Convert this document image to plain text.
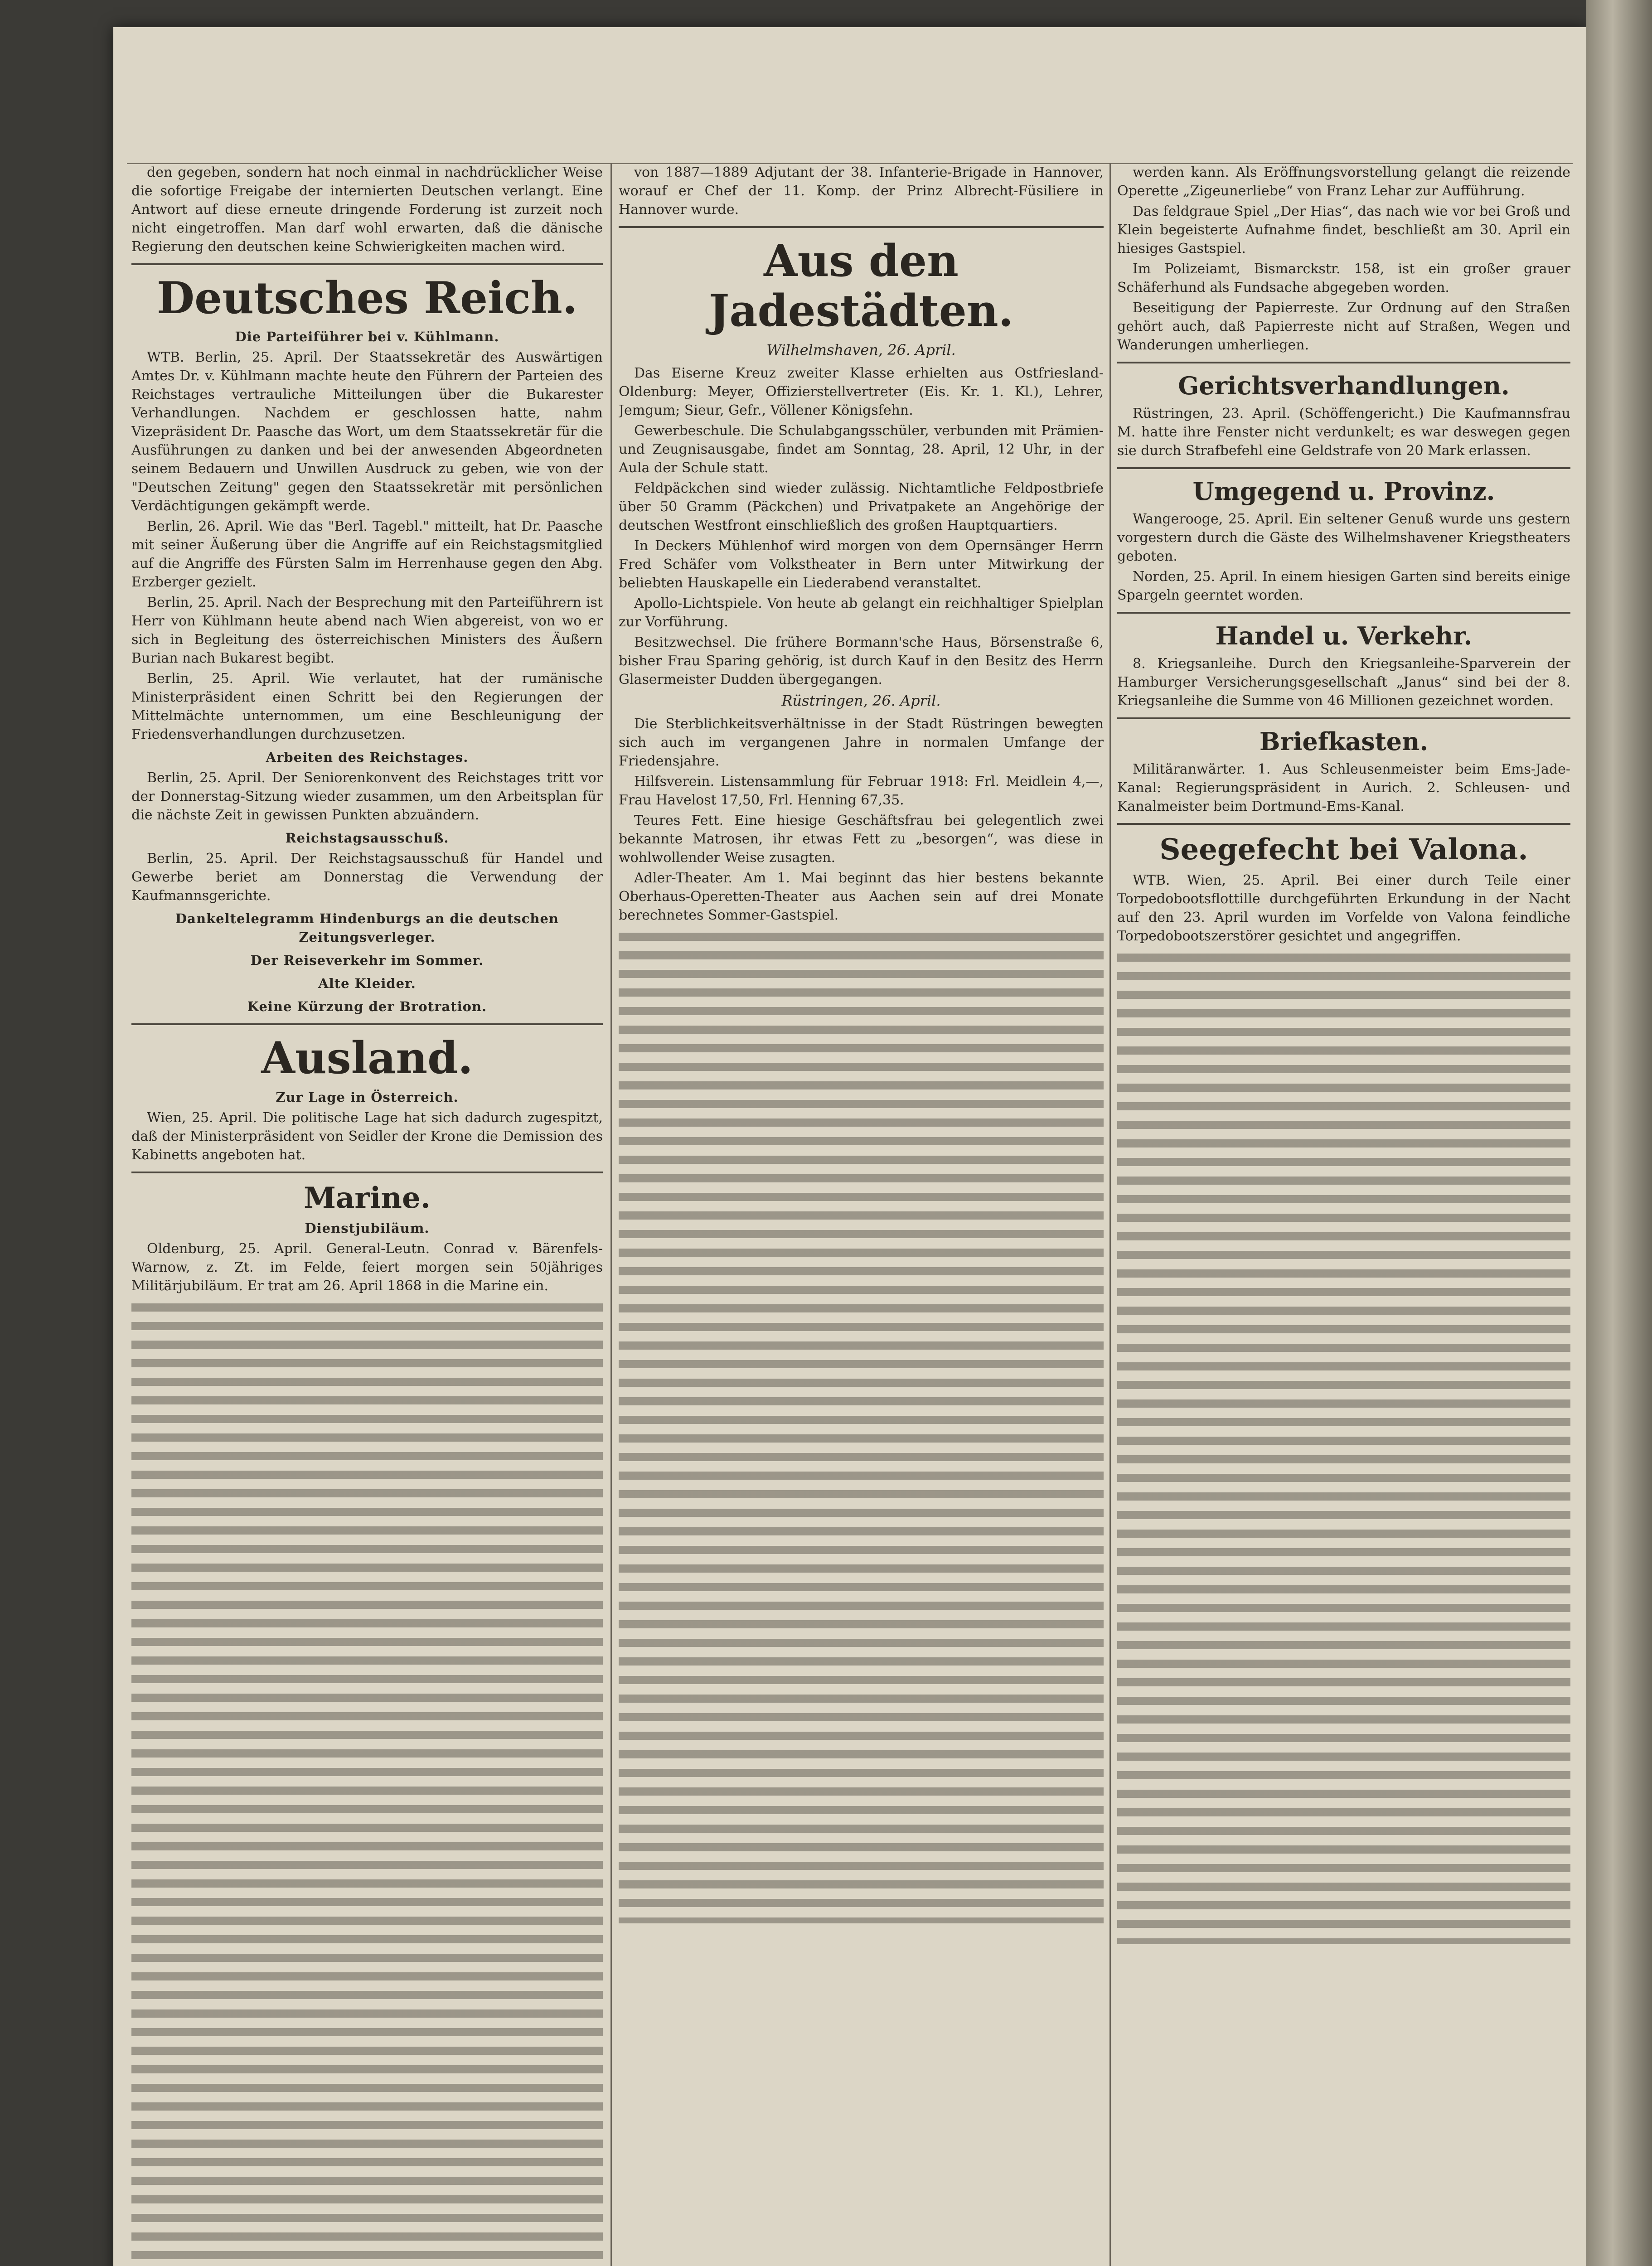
den gegeben, sondern hat noch einmal in nachdrücklicher Weise die sofortige Freigabe der internierten Deutschen verlangt. Eine Antwort auf diese erneute dringende Forderung ist zurzeit noch nicht eingetroffen. Man darf wohl erwarten, daß die dänische Regierung den deutschen keine Schwierigkeiten machen wird.

Deutsches Reich.
Die Parteiführer bei v. Kühlmann.

WTB. Berlin, 25. April. Der Staatssekretär des Auswärtigen Amtes Dr. v. Kühlmann machte heute den Führern der Parteien des Reichstages vertrauliche Mitteilungen über die Bukarester Verhandlungen. Nachdem er geschlossen hatte, nahm Vizepräsident Dr. Paasche das Wort, um dem Staatssekretär für die Ausführungen zu danken und bei der anwesenden Abgeordneten seinem Bedauern und Unwillen Ausdruck zu geben, wie von der "Deutschen Zeitung" gegen den Staatssekretär mit persönlichen Verdächtigungen gekämpft werde.

Berlin, 26. April. Wie das "Berl. Tagebl." mitteilt, hat Dr. Paasche mit seiner Äußerung über die Angriffe auf ein Reichstagsmitglied auf die Angriffe des Fürsten Salm im Herrenhause gegen den Abg. Erzberger gezielt.

Berlin, 25. April. Nach der Besprechung mit den Parteiführern ist Herr von Kühlmann heute abend nach Wien abgereist, von wo er sich in Begleitung des österreichischen Ministers des Äußern Burian nach Bukarest begibt.

Berlin, 25. April. Wie verlautet, hat der rumänische Ministerpräsident einen Schritt bei den Regierungen der Mittelmächte unternommen, um eine Beschleunigung der Friedensverhandlungen durchzusetzen.

Arbeiten des Reichstages.

Berlin, 25. April. Der Seniorenkonvent des Reichstages tritt vor der Donnerstag-Sitzung wieder zusammen, um den Arbeitsplan für die nächste Zeit in gewissen Punkten abzuändern.

Reichstagsausschuß.

Berlin, 25. April. Der Reichstagsausschuß für Handel und Gewerbe beriet am Donnerstag die Verwendung der Kaufmannsgerichte.

Dankeltelegramm Hindenburgs an die deutschen Zeitungsverleger.
Der Reiseverkehr im Sommer.
Alte Kleider.
Keine Kürzung der Brotration.
Ausland.
Zur Lage in Österreich.

Wien, 25. April. Die politische Lage hat sich dadurch zugespitzt, daß der Ministerpräsident von Seidler der Krone die Demission des Kabinetts angeboten hat.

Marine.
Dienstjubiläum.

Oldenburg, 25. April. General-Leutn. Conrad v. Bärenfels-Warnow, z. Zt. im Felde, feiert morgen sein 50jähriges Militärjubiläum. Er trat am 26. April 1868 in die Marine ein.

von 1887—1889 Adjutant der 38. Infanterie-Brigade in Hannover, worauf er Chef der 11. Komp. der Prinz Albrecht-Füsiliere in Hannover wurde.

Aus den Jadestädten.
Wilhelmshaven, 26. April.

Das Eiserne Kreuz zweiter Klasse erhielten aus Ostfriesland-Oldenburg: Meyer, Offizierstellvertreter (Eis. Kr. 1. Kl.), Lehrer, Jemgum; Sieur, Gefr., Völlener Königsfehn.

Gewerbeschule. Die Schulabgangsschüler, verbunden mit Prämien- und Zeugnisausgabe, findet am Sonntag, 28. April, 12 Uhr, in der Aula der Schule statt.

Feldpäckchen sind wieder zulässig. Nichtamtliche Feldpostbriefe über 50 Gramm (Päckchen) und Privatpakete an Angehörige der deutschen Westfront einschließlich des großen Hauptquartiers.

In Deckers Mühlenhof wird morgen von dem Opernsänger Herrn Fred Schäfer vom Volkstheater in Bern unter Mitwirkung der beliebten Hauskapelle ein Liederabend veranstaltet.

Apollo-Lichtspiele. Von heute ab gelangt ein reichhaltiger Spielplan zur Vorführung.

Besitzwechsel. Die frühere Bormann'sche Haus, Börsenstraße 6, bisher Frau Sparing gehörig, ist durch Kauf in den Besitz des Herrn Glasermeister Dudden übergegangen.

Rüstringen, 26. April.

Die Sterblichkeitsverhältnisse in der Stadt Rüstringen bewegten sich auch im vergangenen Jahre in normalen Umfange der Friedensjahre.

Hilfsverein. Listensammlung für Februar 1918: Frl. Meidlein 4,—, Frau Havelost 17,50, Frl. Henning 67,35.

Teures Fett. Eine hiesige Geschäftsfrau bei gelegentlich zwei bekannte Matrosen, ihr etwas Fett zu „besorgen“, was diese in wohlwollender Weise zusagten.

Adler-Theater. Am 1. Mai beginnt das hier bestens bekannte Oberhaus-Operetten-Theater aus Aachen sein auf drei Monate berechnetes Sommer-Gastspiel.

werden kann. Als Eröffnungsvorstellung gelangt die reizende Operette „Zigeunerliebe“ von Franz Lehar zur Aufführung.

Das feldgraue Spiel „Der Hias“, das nach wie vor bei Groß und Klein begeisterte Aufnahme findet, beschließt am 30. April ein hiesiges Gastspiel.

Im Polizeiamt, Bismarckstr. 158, ist ein großer grauer Schäferhund als Fundsache abgegeben worden.

Beseitigung der Papierreste. Zur Ordnung auf den Straßen gehört auch, daß Papierreste nicht auf Straßen, Wegen und Wanderungen umherliegen.

Gerichtsverhandlungen.

Rüstringen, 23. April. (Schöffengericht.) Die Kaufmannsfrau M. hatte ihre Fenster nicht verdunkelt; es war deswegen gegen sie durch Strafbefehl eine Geldstrafe von 20 Mark erlassen.

Umgegend u. Provinz.

Wangerooge, 25. April. Ein seltener Genuß wurde uns gestern vorgestern durch die Gäste des Wilhelmshavener Kriegstheaters geboten.

Norden, 25. April. In einem hiesigen Garten sind bereits einige Spargeln geerntet worden.

Handel u. Verkehr.

8. Kriegsanleihe. Durch den Kriegsanleihe-Sparverein der Hamburger Versicherungsgesellschaft „Janus“ sind bei der 8. Kriegsanleihe die Summe von 46 Millionen gezeichnet worden.

Briefkasten.

Militäranwärter. 1. Aus Schleusenmeister beim Ems-Jade-Kanal: Regierungspräsident in Aurich. 2. Schleusen- und Kanalmeister beim Dortmund-Ems-Kanal.

Seegefecht bei Valona.

WTB. Wien, 25. April. Bei einer durch Teile einer Torpedobootsflottille durchgeführten Erkundung in der Nacht auf den 23. April wurden im Vorfelde von Valona feindliche Torpedobootszerstörer gesichtet und angegriffen.
